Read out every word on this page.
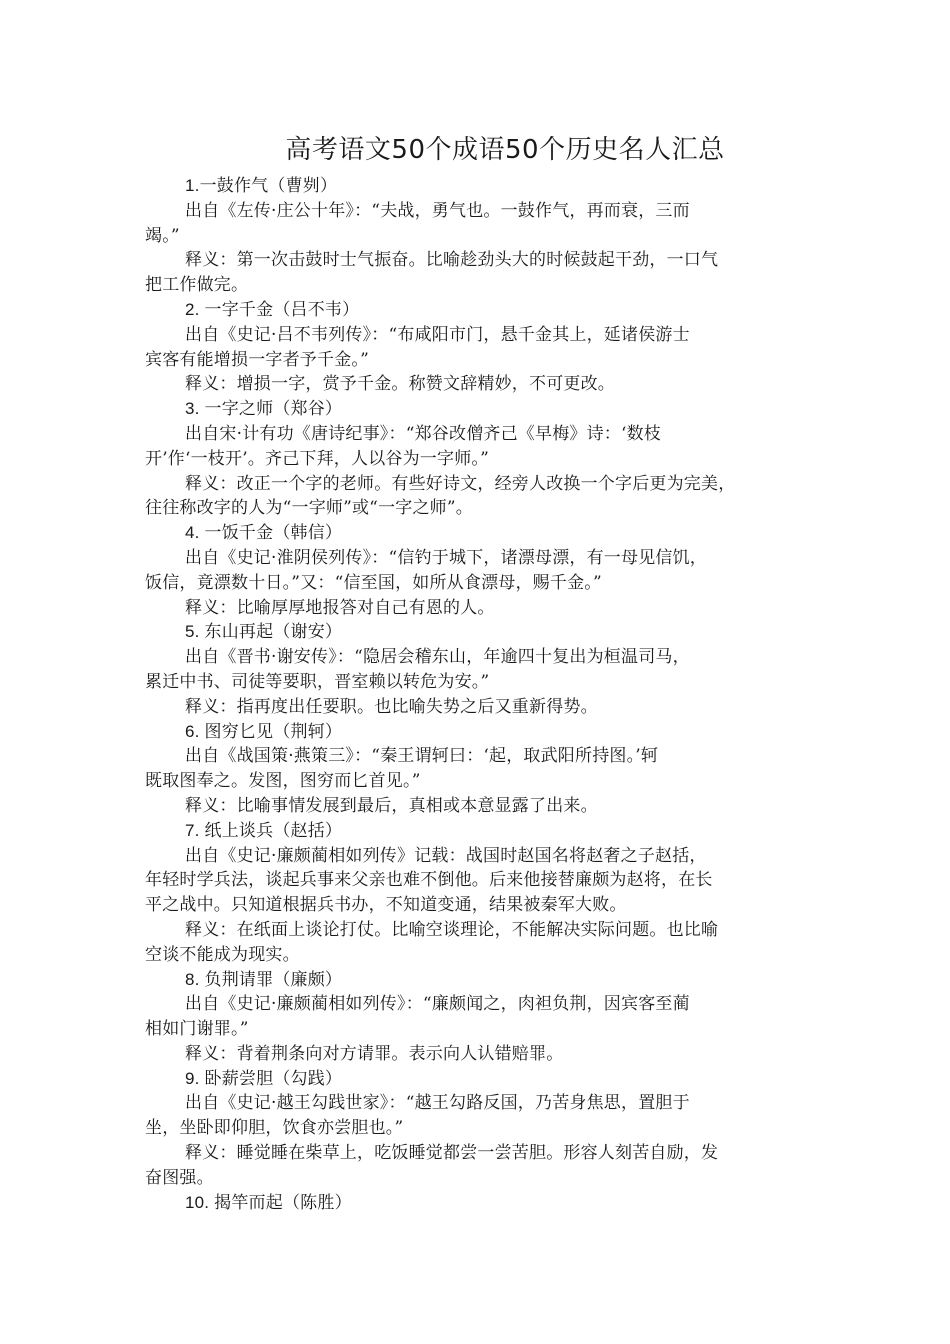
高考语文50个成语50个历史名人汇总
1.一鼓作气（曹刿）
出自《左传·庄公十年》：“夫战，勇气也。一鼓作气，再而衰，三而
竭。”
释义：第一次击鼓时士气振奋。比喻趁劲头大的时候鼓起干劲，一口气
把工作做完。
2. 一字千金（吕不韦）
出自《史记·吕不韦列传》：“布咸阳市门，悬千金其上，延诸侯游士
宾客有能增损一字者予千金。”
释义：增损一字，赏予千金。称赞文辞精妙，不可更改。
3. 一字之师（郑谷）
出自宋·计有功《唐诗纪事》：“郑谷改僧齐己《早梅》诗：‘数枝
开’作‘一枝开’。齐己下拜，人以谷为一字师。”
释义：改正一个字的老师。有些好诗文，经旁人改换一个字后更为完美，
往往称改字的人为“一字师”或“一字之师”。
4. 一饭千金（韩信）
出自《史记·淮阴侯列传》：“信钓于城下，诸漂母漂，有一母见信饥，
饭信，竟漂数十日。”又：“信至国，如所从食漂母，赐千金。”
释义：比喻厚厚地报答对自己有恩的人。
5. 东山再起（谢安）
出自《晋书·谢安传》：“隐居会稽东山，年逾四十复出为桓温司马，
累迁中书、司徒等要职，晋室赖以转危为安。”
释义：指再度出任要职。也比喻失势之后又重新得势。
6. 图穷匕见（荆轲）
出自《战国策·燕策三》：“秦王谓轲曰：‘起，取武阳所持图。’轲
既取图奉之。发图，图穷而匕首见。”
释义：比喻事情发展到最后，真相或本意显露了出来。
7. 纸上谈兵（赵括）
出自《史记·廉颇蔺相如列传》记载：战国时赵国名将赵奢之子赵括，
年轻时学兵法，谈起兵事来父亲也难不倒他。后来他接替廉颇为赵将，在长
平之战中。只知道根据兵书办，不知道变通，结果被秦军大败。
释义：在纸面上谈论打仗。比喻空谈理论，不能解决实际问题。也比喻
空谈不能成为现实。
8. 负荆请罪（廉颇）
出自《史记·廉颇蔺相如列传》：“廉颇闻之，肉袒负荆，因宾客至蔺
相如门谢罪。”
释义：背着荆条向对方请罪。表示向人认错赔罪。
9. 卧薪尝胆（勾践）
出自《史记·越王勾践世家》：“越王勾路反国，乃苦身焦思，置胆于
坐，坐卧即仰胆，饮食亦尝胆也。”
释义：睡觉睡在柴草上，吃饭睡觉都尝一尝苦胆。形容人刻苦自励，发
奋图强。
10. 揭竿而起（陈胜）
